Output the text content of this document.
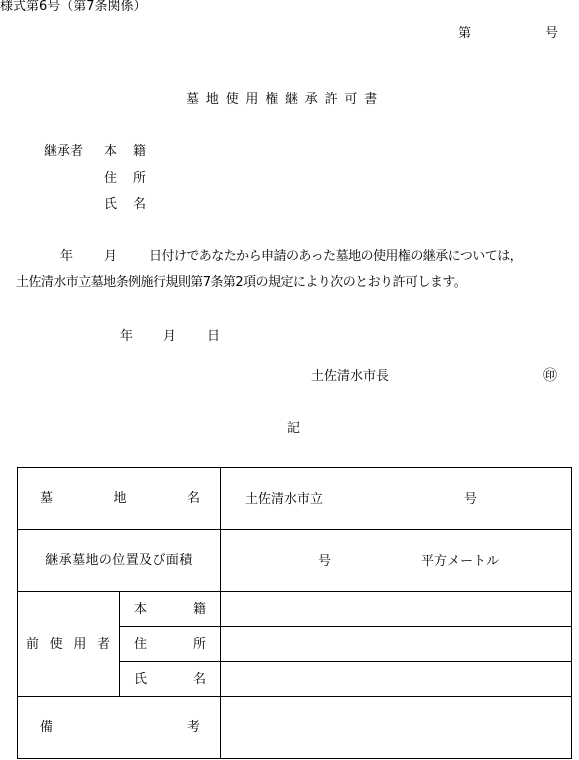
様式第6号（第7条関係）
第	号
墓地使用権継承許可書
継承者 本 籍
住 所
氏 名
年 月 日付けであなたから申請のあった墓地の使用権の継承については，
土佐清水市立墓地条例施行規則第7条第2項の規定により次のとおり許可します。
年 月 日
土佐清水市長	㊞
記
墓 地 名		土佐清水市立 号

継承墓地の位置及び面積		号 平方メートル

前 使 用 者	本 籍	

	住 所	

	氏 名	

備 考		
